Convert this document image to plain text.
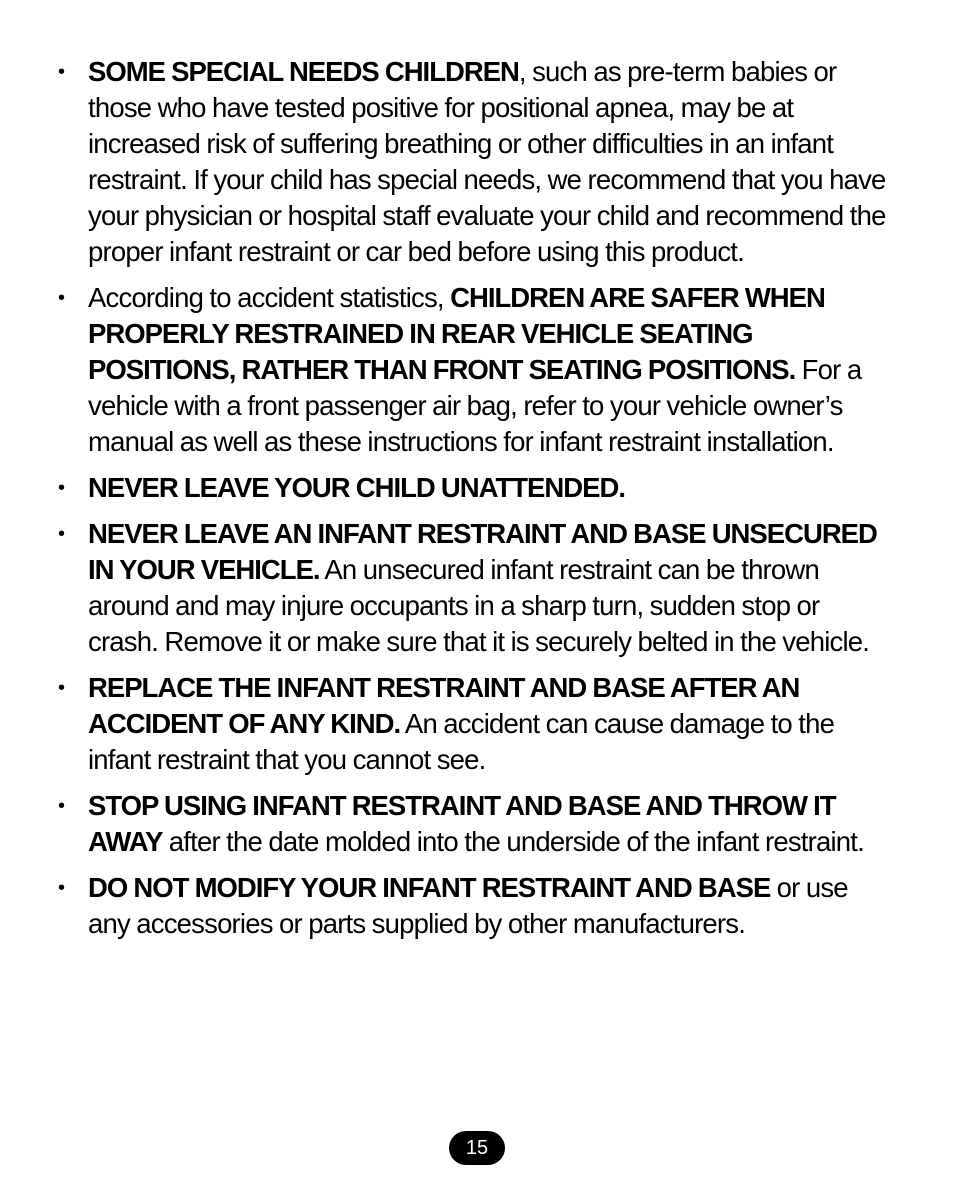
• SOME SPECIAL NEEDS CHILDREN, such as pre-term babies or those who have tested positive for positional apnea, may be at increased risk of suffering breathing or other difficulties in an infant restraint. If your child has special needs, we recommend that you have your physician or hospital staff evaluate your child and recommend the proper infant restraint or car bed before using this product.
• According to accident statistics, CHILDREN ARE SAFER WHEN PROPERLY RESTRAINED IN REAR VEHICLE SEATING POSITIONS, RATHER THAN FRONT SEATING POSITIONS. For a vehicle with a front passenger air bag, refer to your vehicle owner’s manual as well as these instructions for infant restraint installation.
• NEVER LEAVE YOUR CHILD UNATTENDED.
• NEVER LEAVE AN INFANT RESTRAINT AND BASE UNSECURED IN YOUR VEHICLE. An unsecured infant restraint can be thrown around and may injure occupants in a sharp turn, sudden stop or crash. Remove it or make sure that it is securely belted in the vehicle.
• REPLACE THE INFANT RESTRAINT AND BASE AFTER AN ACCIDENT OF ANY KIND. An accident can cause damage to the infant restraint that you cannot see.
• STOP USING INFANT RESTRAINT AND BASE AND THROW IT AWAY after the date molded into the underside of the infant restraint.
• DO NOT MODIFY YOUR INFANT RESTRAINT AND BASE or use any accessories or parts supplied by other manufacturers.
15
